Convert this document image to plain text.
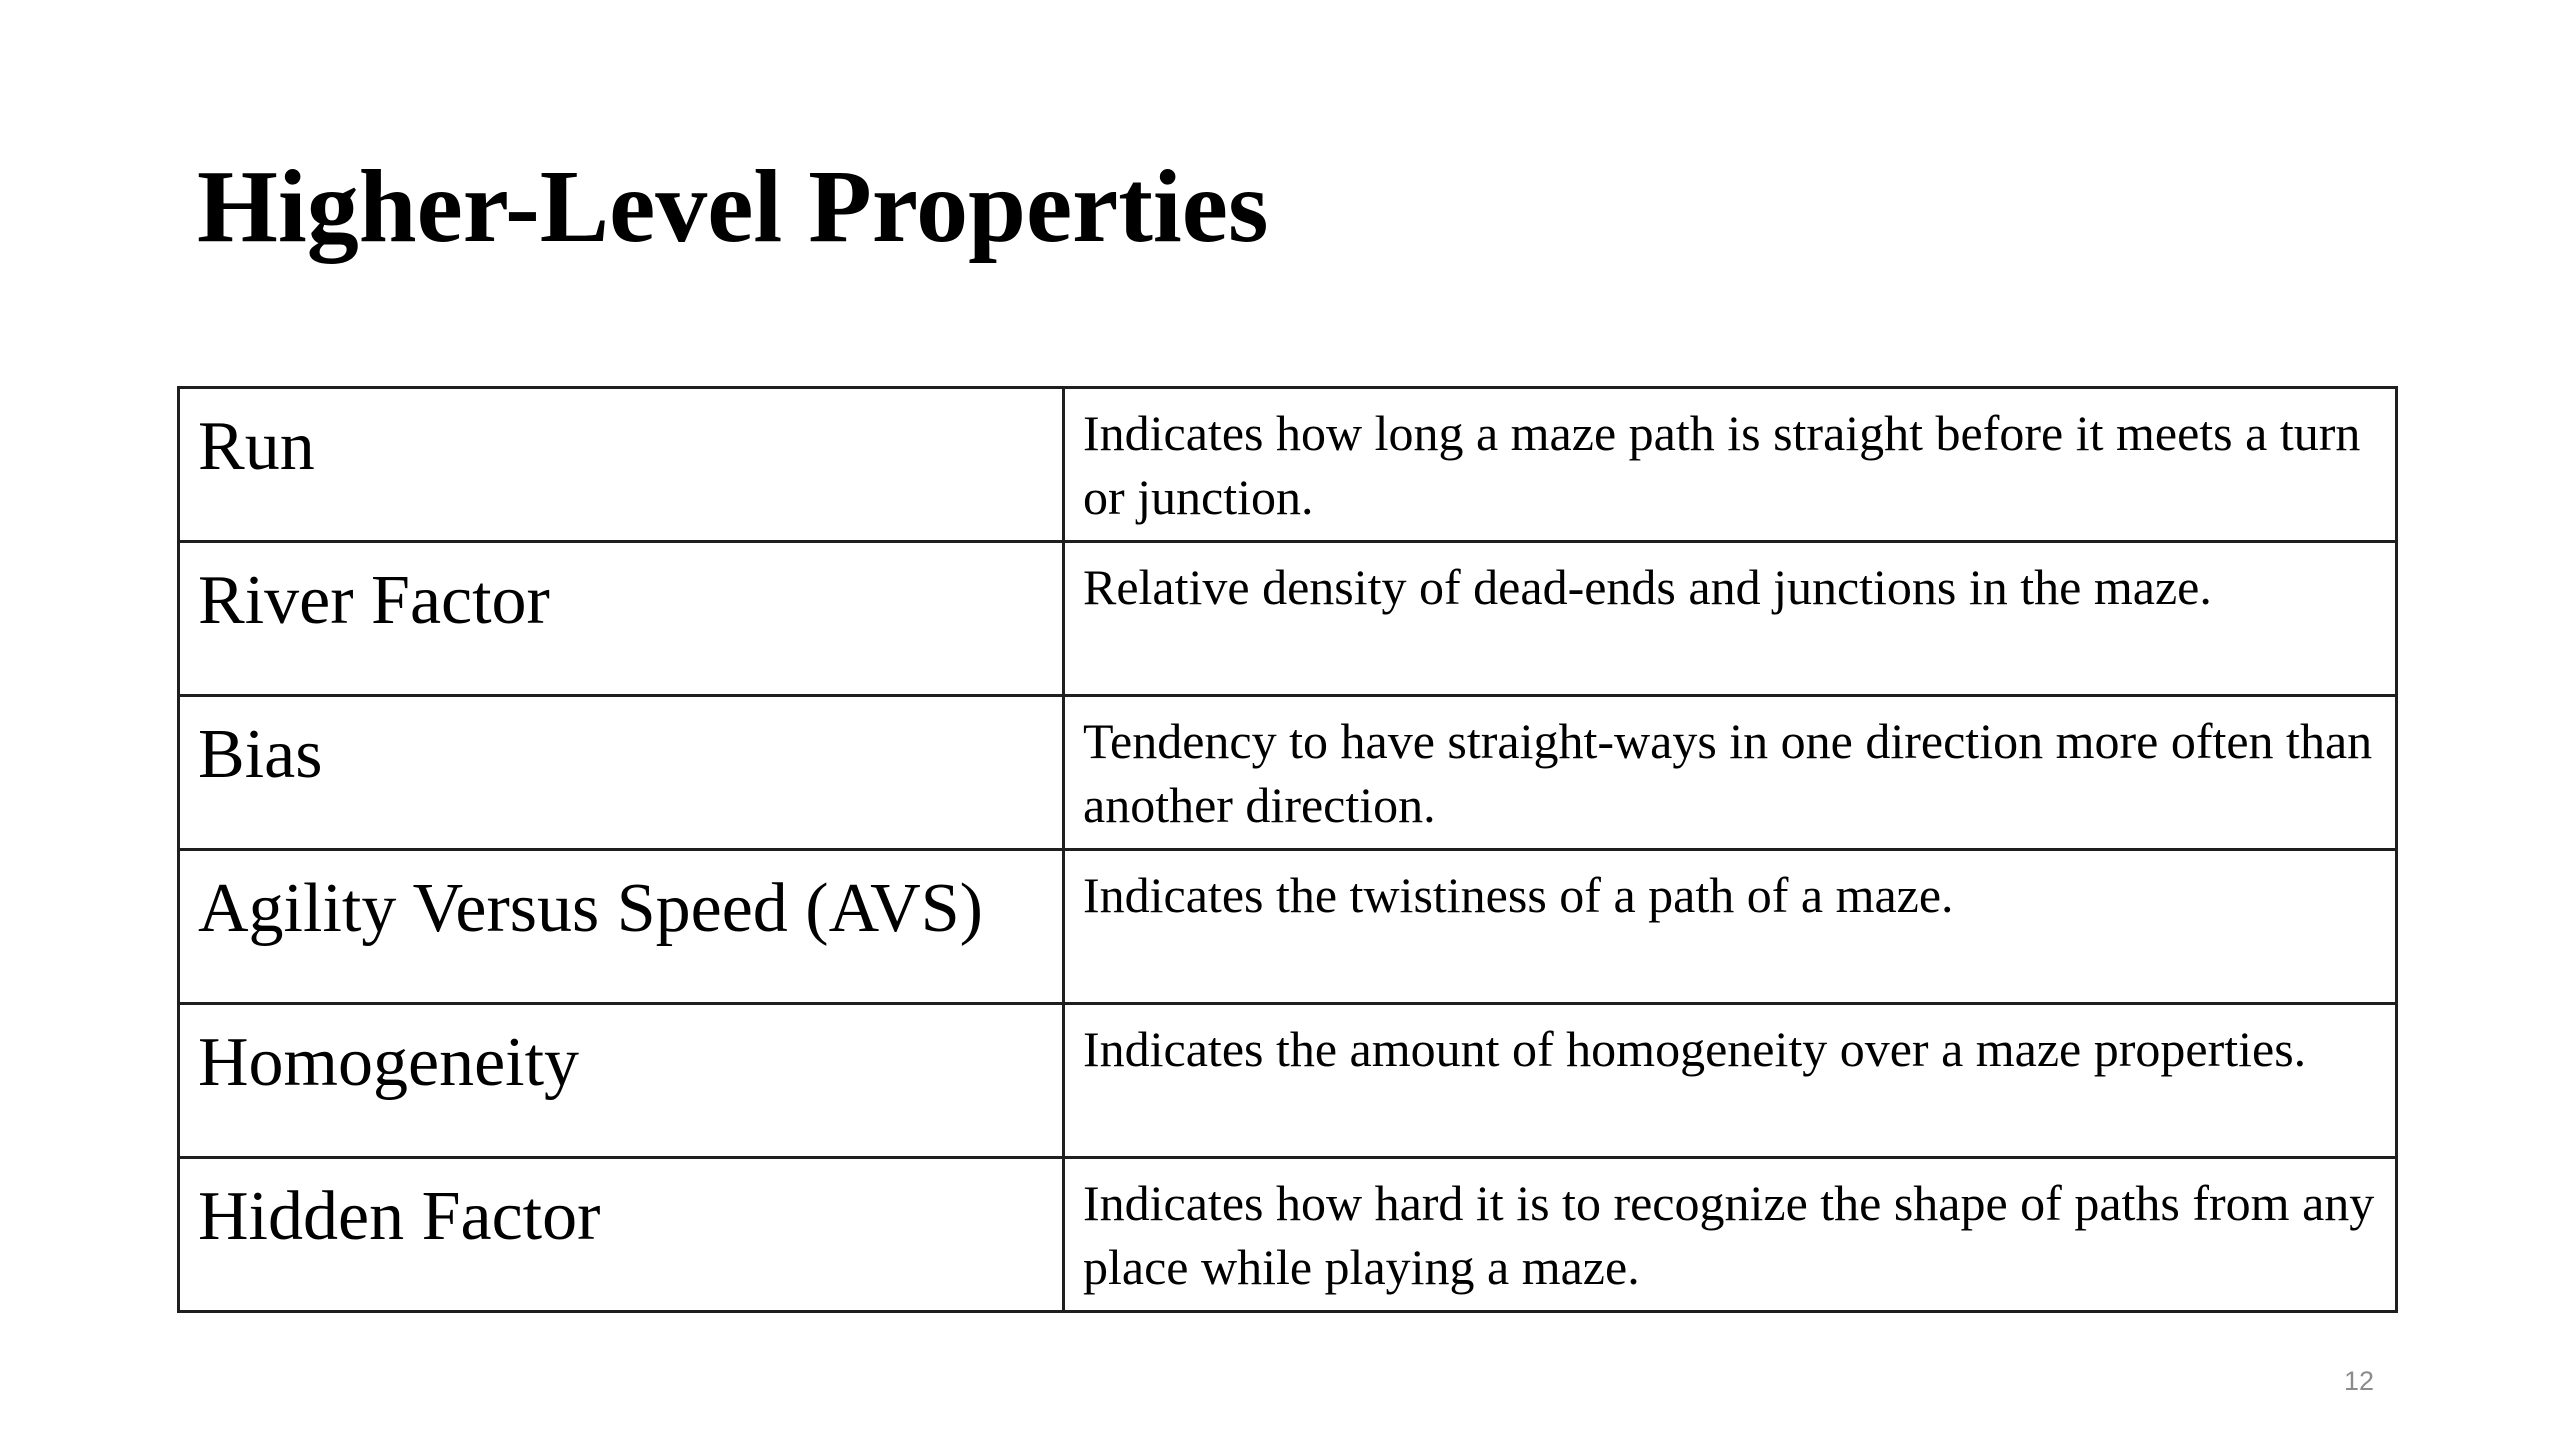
Higher-Level Properties
Run	Indicates how long a maze path is straight before it meets a turn or junction.
River Factor	Relative density of dead-ends and junctions in the maze.
Bias	Tendency to have straight-ways in one direction more often than another direction.
Agility Versus Speed (AVS)	Indicates the twistiness of a path of a maze.
Homogeneity	Indicates the amount of homogeneity over a maze properties.
Hidden Factor	Indicates how hard it is to recognize the shape of paths from any place while playing a maze.
12
